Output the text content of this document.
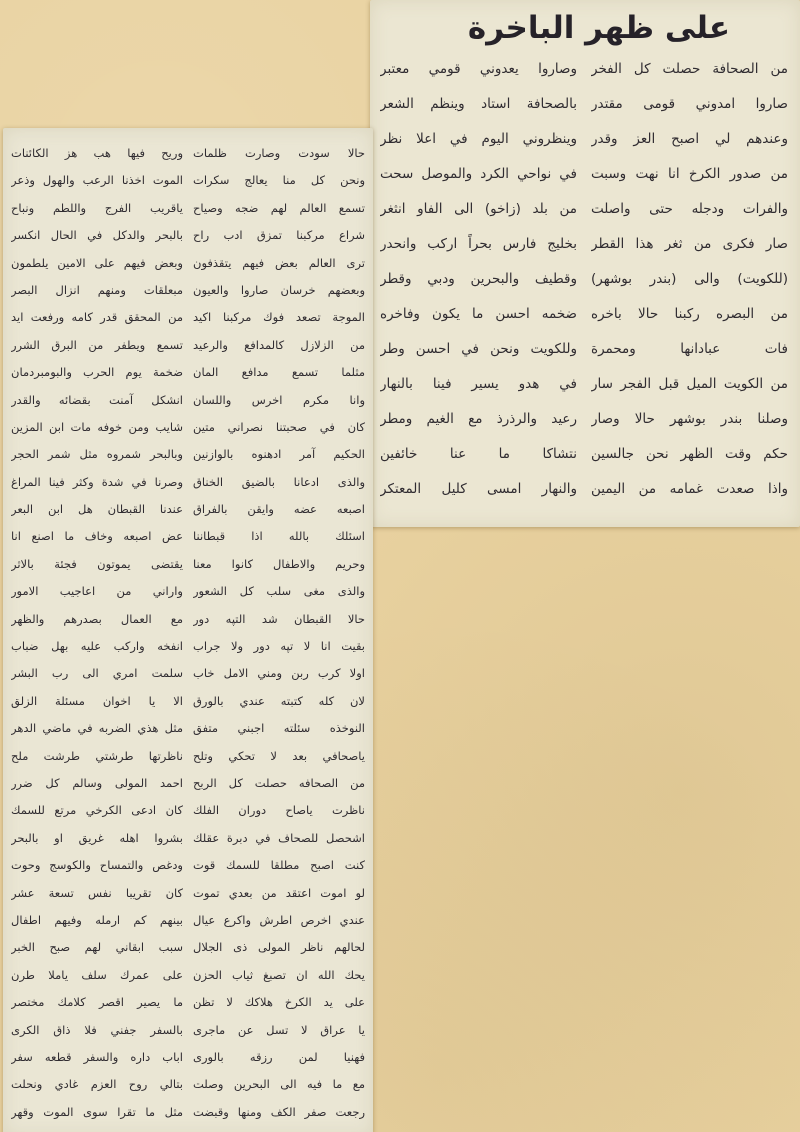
على ظهر الباخرة
من الصحافة حصلت كل الفخر
صاروا امدوني قومى مقتدر
وعندهم لي اصبح العز وقدر
من صدور الكرخ انا نهت وسبت
والفرات ودجله حتى واصلت
صار فكرى من ثغر هذا القطر
(للكويت) والى (بندر بوشهر)
من البصره ركبنا حالا باخره
فات عبادانها ومحمرة
من الكويت الميل قبل الفجر سار
وصلنا بندر بوشهر حالا وصار
حكم وقت الظهر نحن جالسين
واذا صعدت غمامه من اليمين
وصاروا يعدوني قومي معتبر
بالصحافة استاد وينظم الشعر
وينظروني اليوم في اعلا نظر
في نواحي الكرد والموصل سحت
من بلد (زاخو) الى الفاو انثغر
بخليج فارس بحراً اركب وانحدر
وقطيف والبحرين ودبي وقطر
ضخمه احسن ما يكون وفاخره
وللكويت ونحن في احسن وطر
في هدو يسير فينا بالنهار
رعيد والرذرذ مع الغيم ومطر
نتشاكا ما عنا خائفين
والنهار امسى كليل المعتكر
حالا سودت وصارت ظلمات
ونحن كل منا يعالج سكرات
تسمع العالم لهم ضجه وصياح
شراع مركبنا تمزق ادب راح
ترى العالم بعض فيهم يتقذفون
وبعضهم خرسان صاروا والعيون
الموجة تصعد فوك مركبنا اكيد
من الزلازل كالمدافع والرعيد
مثلما تسمع مدافع المان
وانا مكرم اخرس واللسان
كان في صحبتنا نصراني متين
الحكيم آمر ادهنوه بالوازنين
والذى ادعانا بالضيق الخناق
اصبعه عضه وايقن بالفراق
اسئلك بالله اذا قبطاننا
وحريم والاطفال كانوا معنا
والذى مغى سلب كل الشعور
حالا القبطان شد التپه دور
بقيت انا لا تپه دور ولا جراب
اولا كرب ربن ومني الامل خاب
لان كله كتبته عندي بالورق
النوخذه سئلته اجبني متفق
ياصحافي بعد لا تحكي وتلح
من الصحافه حصلت كل الربح
ناظرت ياصاح دوران الفلك
اشحصل للصحاف في دبرة عقلك
كنت اصبح مطلقا للسمك قوت
لو اموت اعتقد من بعدي تموت
عندي اخرص اطرش واكرع عيال
لحالهم ناظر المولى ذى الجلال
يحك الله ان تصبغ ثياب الحزن
على يد الكرخ هلاكك لا تظن
يا عراق لا تسل عن ماجرى
فهنيا لمن رزقه بالورى
مع ما فيه الى البحرين وصلت
رجعت صفر الكف ومنها وقبضت
وريح فيها هب هز الكائنات
الموت اخذنا الرعب والهول وذعر
ياقريب الفرج واللطم ونباح
بالبحر والدكل في الحال انكسر
وبعض فيهم على الامين يلطمون
مبعلقات ومنهم انزال البصر
من المحقق قدر كامه ورفعت ايد
تسمع ويطفر من البرق الشرر
ضخمة يوم الحرب والبومبردمان
انشكل آمنت بقضائه والقدر
شايب ومن خوفه مات ابن المزين
وبالبحر شمروه مثل شمر الحجر
وصرنا في شدة وكثر فينا المراغ
عندنا القبطان هل ابن البعر
عض اصبعه وخاف ما اصنع انا
يقتضى يموتون فجئة بالاثر
واراني من اعاجيب الامور
مع العمال بصدرهم والظهر
انفخه واركب عليه بهل ضباب
سلمت امري الى رب البشر
الا يا اخوان مسئلة الزلق
مثل هذي الضربه في ماضي الدهر
ناظرتها طرشتي طرشت ملح
احمد المولى وسالم كل ضرر
كان ادعى الكرخي مرتع للسمك
بشروا اهله غريق او بالبحر
ودغص والتمساح والكوسج وحوت
كان تقريبا نفس تسعة عشر
بينهم كم ارمله وفيهم اطفال
سبب ابقاني لهم صبح الخبر
على عمرك سلف ياملا طرن
ما يصير اقصر كلامك مختصر
بالسفر جفني فلا ذاق الكرى
اباب داره والسفر قطعه سفر
بتالي روح العزم غادي ونحلت
مثل ما تقرا سوى الموت وقهر
